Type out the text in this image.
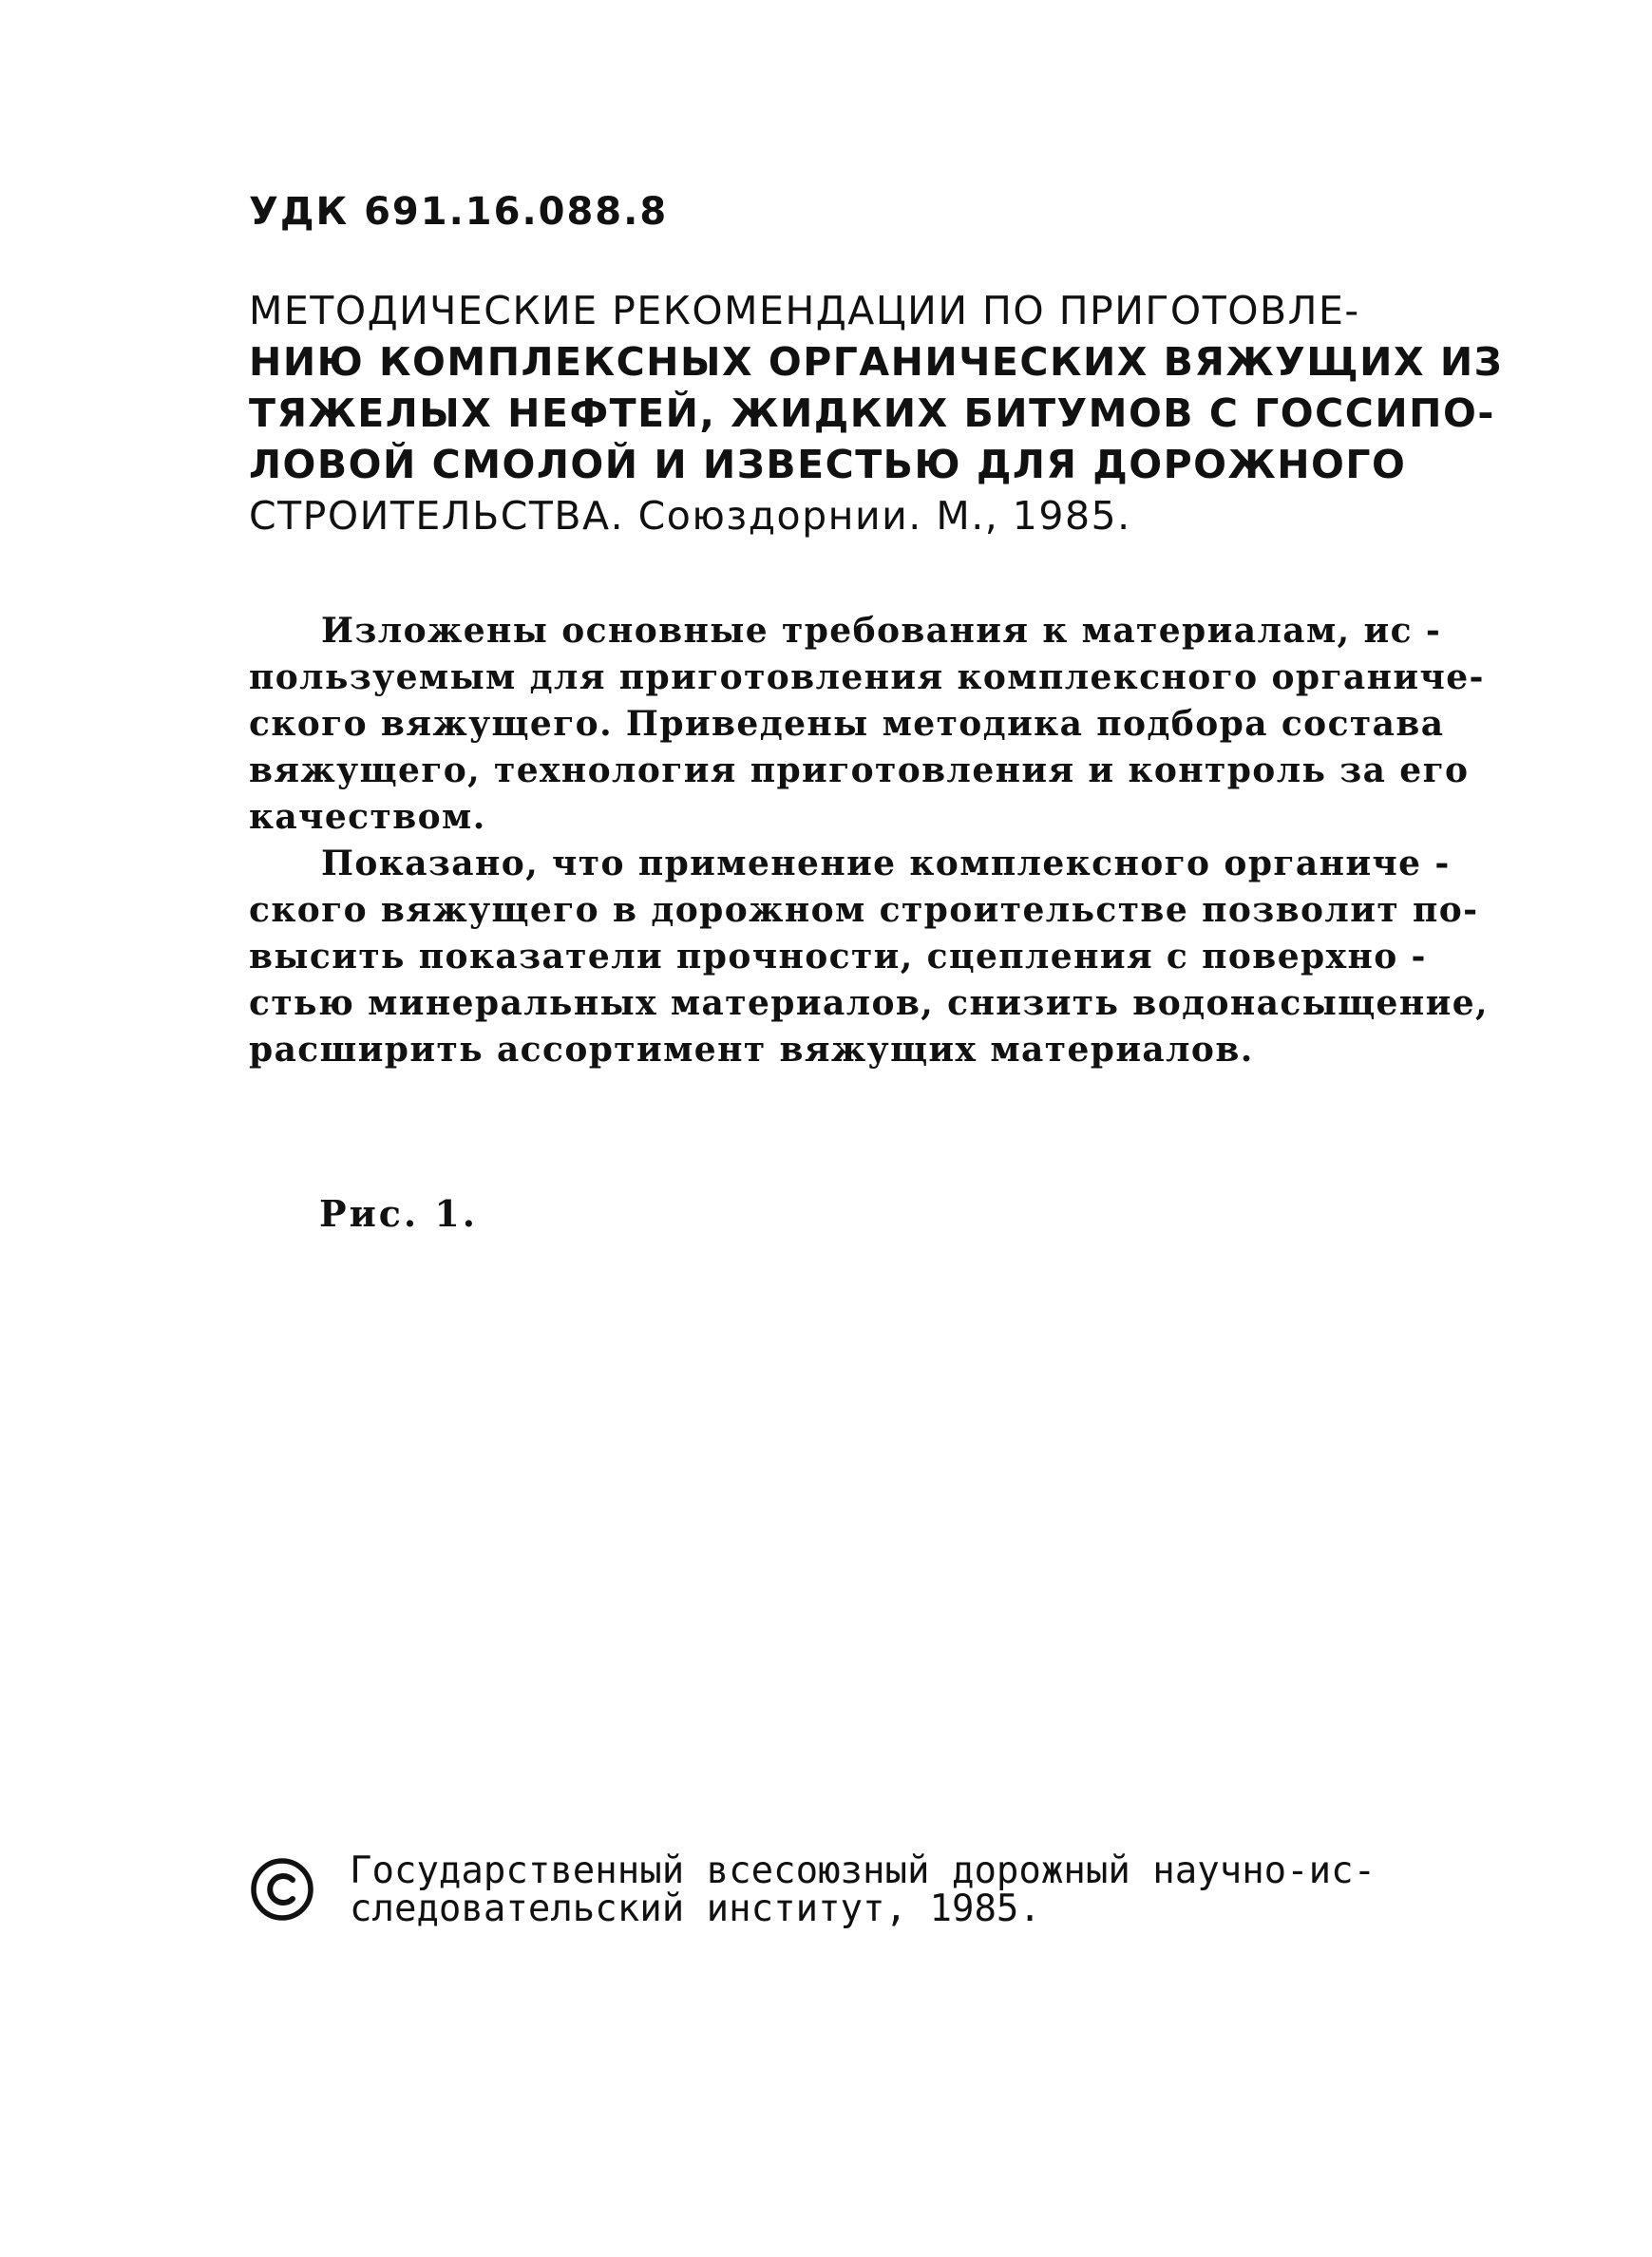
УДК 691.16.088.8
МЕТОДИЧЕСКИЕ РЕКОМЕНДАЦИИ ПО ПРИГОТОВЛЕ-
НИЮ КОМПЛЕКСНЫХ ОРГАНИЧЕСКИХ ВЯЖУЩИХ ИЗ
ТЯЖЕЛЫХ НЕФТЕЙ, ЖИДКИХ БИТУМОВ С ГОССИПО-
ЛОВОЙ СМОЛОЙ И ИЗВЕСТЬЮ ДЛЯ ДОРОЖНОГО
СТРОИТЕЛЬСТВА. Союздорнии. М., 1985.
Изложены основные требования к материалам, ис -
пользуемым для приготовления комплексного органиче-
ского вяжущего. Приведены методика подбора состава
вяжущего, технология приготовления и контроль за его
качеством.
Показано, что применение комплексного органиче -
ского вяжущего в дорожном строительстве позволит по-
высить показатели прочности, сцепления с поверхно -
стью минеральных материалов, снизить водонасыщение,
расширить ассортимент вяжущих материалов.
Рис. 1.
Государственный всесоюзный дорожный научно-ис-
следовательский институт, 1985.
